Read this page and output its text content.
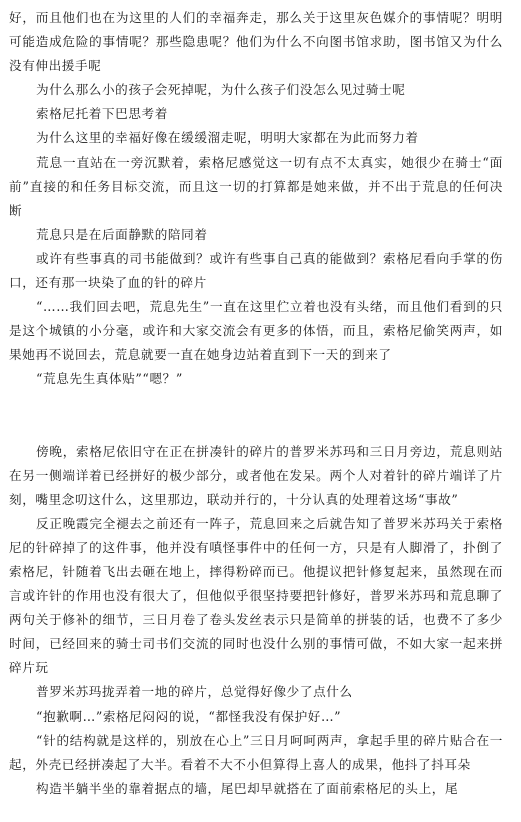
好，而且他们也在为这里的人们的幸福奔走，那么关于这里灰色媒介的事情呢？明明可能造成危险的事情呢？那些隐患呢？他们为什么不向图书馆求助，图书馆又为什么没有伸出援手呢

为什么那么小的孩子会死掉呢，为什么孩子们没怎么见过骑士呢

索格尼托着下巴思考着

为什么这里的幸福好像在缓缓溜走呢，明明大家都在为此而努力着

荒息一直站在一旁沉默着，索格尼感觉这一切有点不太真实，她很少在骑士“面前”直接的和任务目标交流，而且这一切的打算都是她来做，并不出于荒息的任何决断

荒息只是在后面静默的陪同着

或许有些事真的司书能做到？或许有些事自己真的能做到？索格尼看向手掌的伤口，还有那一块染了血的针的碎片

“……我们回去吧，荒息先生”一直在这里伫立着也没有头绪，而且他们看到的只是这个城镇的小分毫，或许和大家交流会有更多的体悟，而且，索格尼偷笑两声，如果她再不说回去，荒息就要一直在她身边站着直到下一天的到来了

“荒息先生真体贴”“嗯？”

傍晚，索格尼依旧守在正在拼凑针的碎片的普罗米苏玛和三日月旁边，荒息则站在另一侧端详着已经拼好的极少部分，或者他在发呆。两个人对着针的碎片端详了片刻，嘴里念叨这什么，这里那边，联动并行的，十分认真的处理着这场“事故”

反正晚霞完全褪去之前还有一阵子，荒息回来之后就告知了普罗米苏玛关于索格尼的针碎掉了的这件事，他并没有嗔怪事件中的任何一方，只是有人脚滑了，扑倒了索格尼，针随着飞出去砸在地上，摔得粉碎而已。他提议把针修复起来，虽然现在而言或许针的作用也没有很大了，但他似乎很坚持要把针修好，普罗米苏玛和荒息聊了两句关于修补的细节，三日月卷了卷头发丝表示只是简单的拼装的话，也费不了多少时间，已经回来的骑士司书们交流的同时也没什么别的事情可做，不如大家一起来拼碎片玩

普罗米苏玛拢弄着一地的碎片，总觉得好像少了点什么

“抱歉啊…”索格尼闷闷的说，“都怪我没有保护好…”

“针的结构就是这样的，别放在心上”三日月呵呵两声，拿起手里的碎片贴合在一起，外壳已经拼凑起了大半。看着不大不小但算得上喜人的成果，他抖了抖耳朵

构造半躺半坐的靠着据点的墙，尾巴却早就搭在了面前索格尼的头上，尾
